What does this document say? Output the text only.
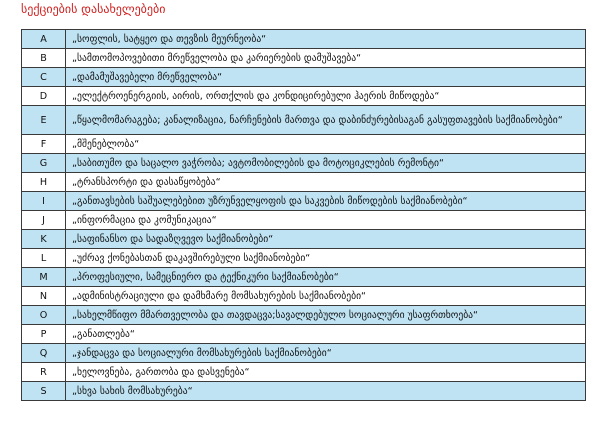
სექციების დასახელებები
A	„სოფლის, სატყეო და თევზის მეურნეობა“
B	„სამთომოპოვებითი მრეწველობა და კარიერების დამუშავება“
C	„დამამუშავებელი მრეწველობა“
D	„ელექტროენერგიის, აირის, ორთქლის და კონდიცირებული ჰაერის მიწოდება“
E	„წყალმომარაგება; კანალიზაცია, ნარჩენების მართვა და დაბინძურებისაგან გასუფთავების საქმიანობები“
F	„მშენებლობა“
G	„საბითუმო და საცალო ვაჭრობა; ავტომობილების და მოტოციკლების რემონტი“
H	„ტრანსპორტი და დასაწყობება“
I	„განთავსების საშუალებებით უზრუნველყოფის და საკვების მიწოდების საქმიანობები“
J	„ინფორმაცია და კომუნიკაცია“
K	„საფინანსო და სადაზღვევო საქმიანობები“
L	„უძრავ ქონებასთან დაკავშირებული საქმიანობები“
M	„პროფესიული, სამეცნიერო და ტექნიკური საქმიანობები“
N	„ადმინისტრაციული და დამხმარე მომსახურების საქმიანობები“
O	„სახელმწიფო მმართველობა და თავდაცვა;სავალდებულო სოციალური უსაფრთხოება“
P	„განათლება“
Q	„ჯანდაცვა და სოციალური მომსახურების საქმიანობები“
R	„ხელოვნება, გართობა და დასვენება“
S	„სხვა სახის მომსახურება“
